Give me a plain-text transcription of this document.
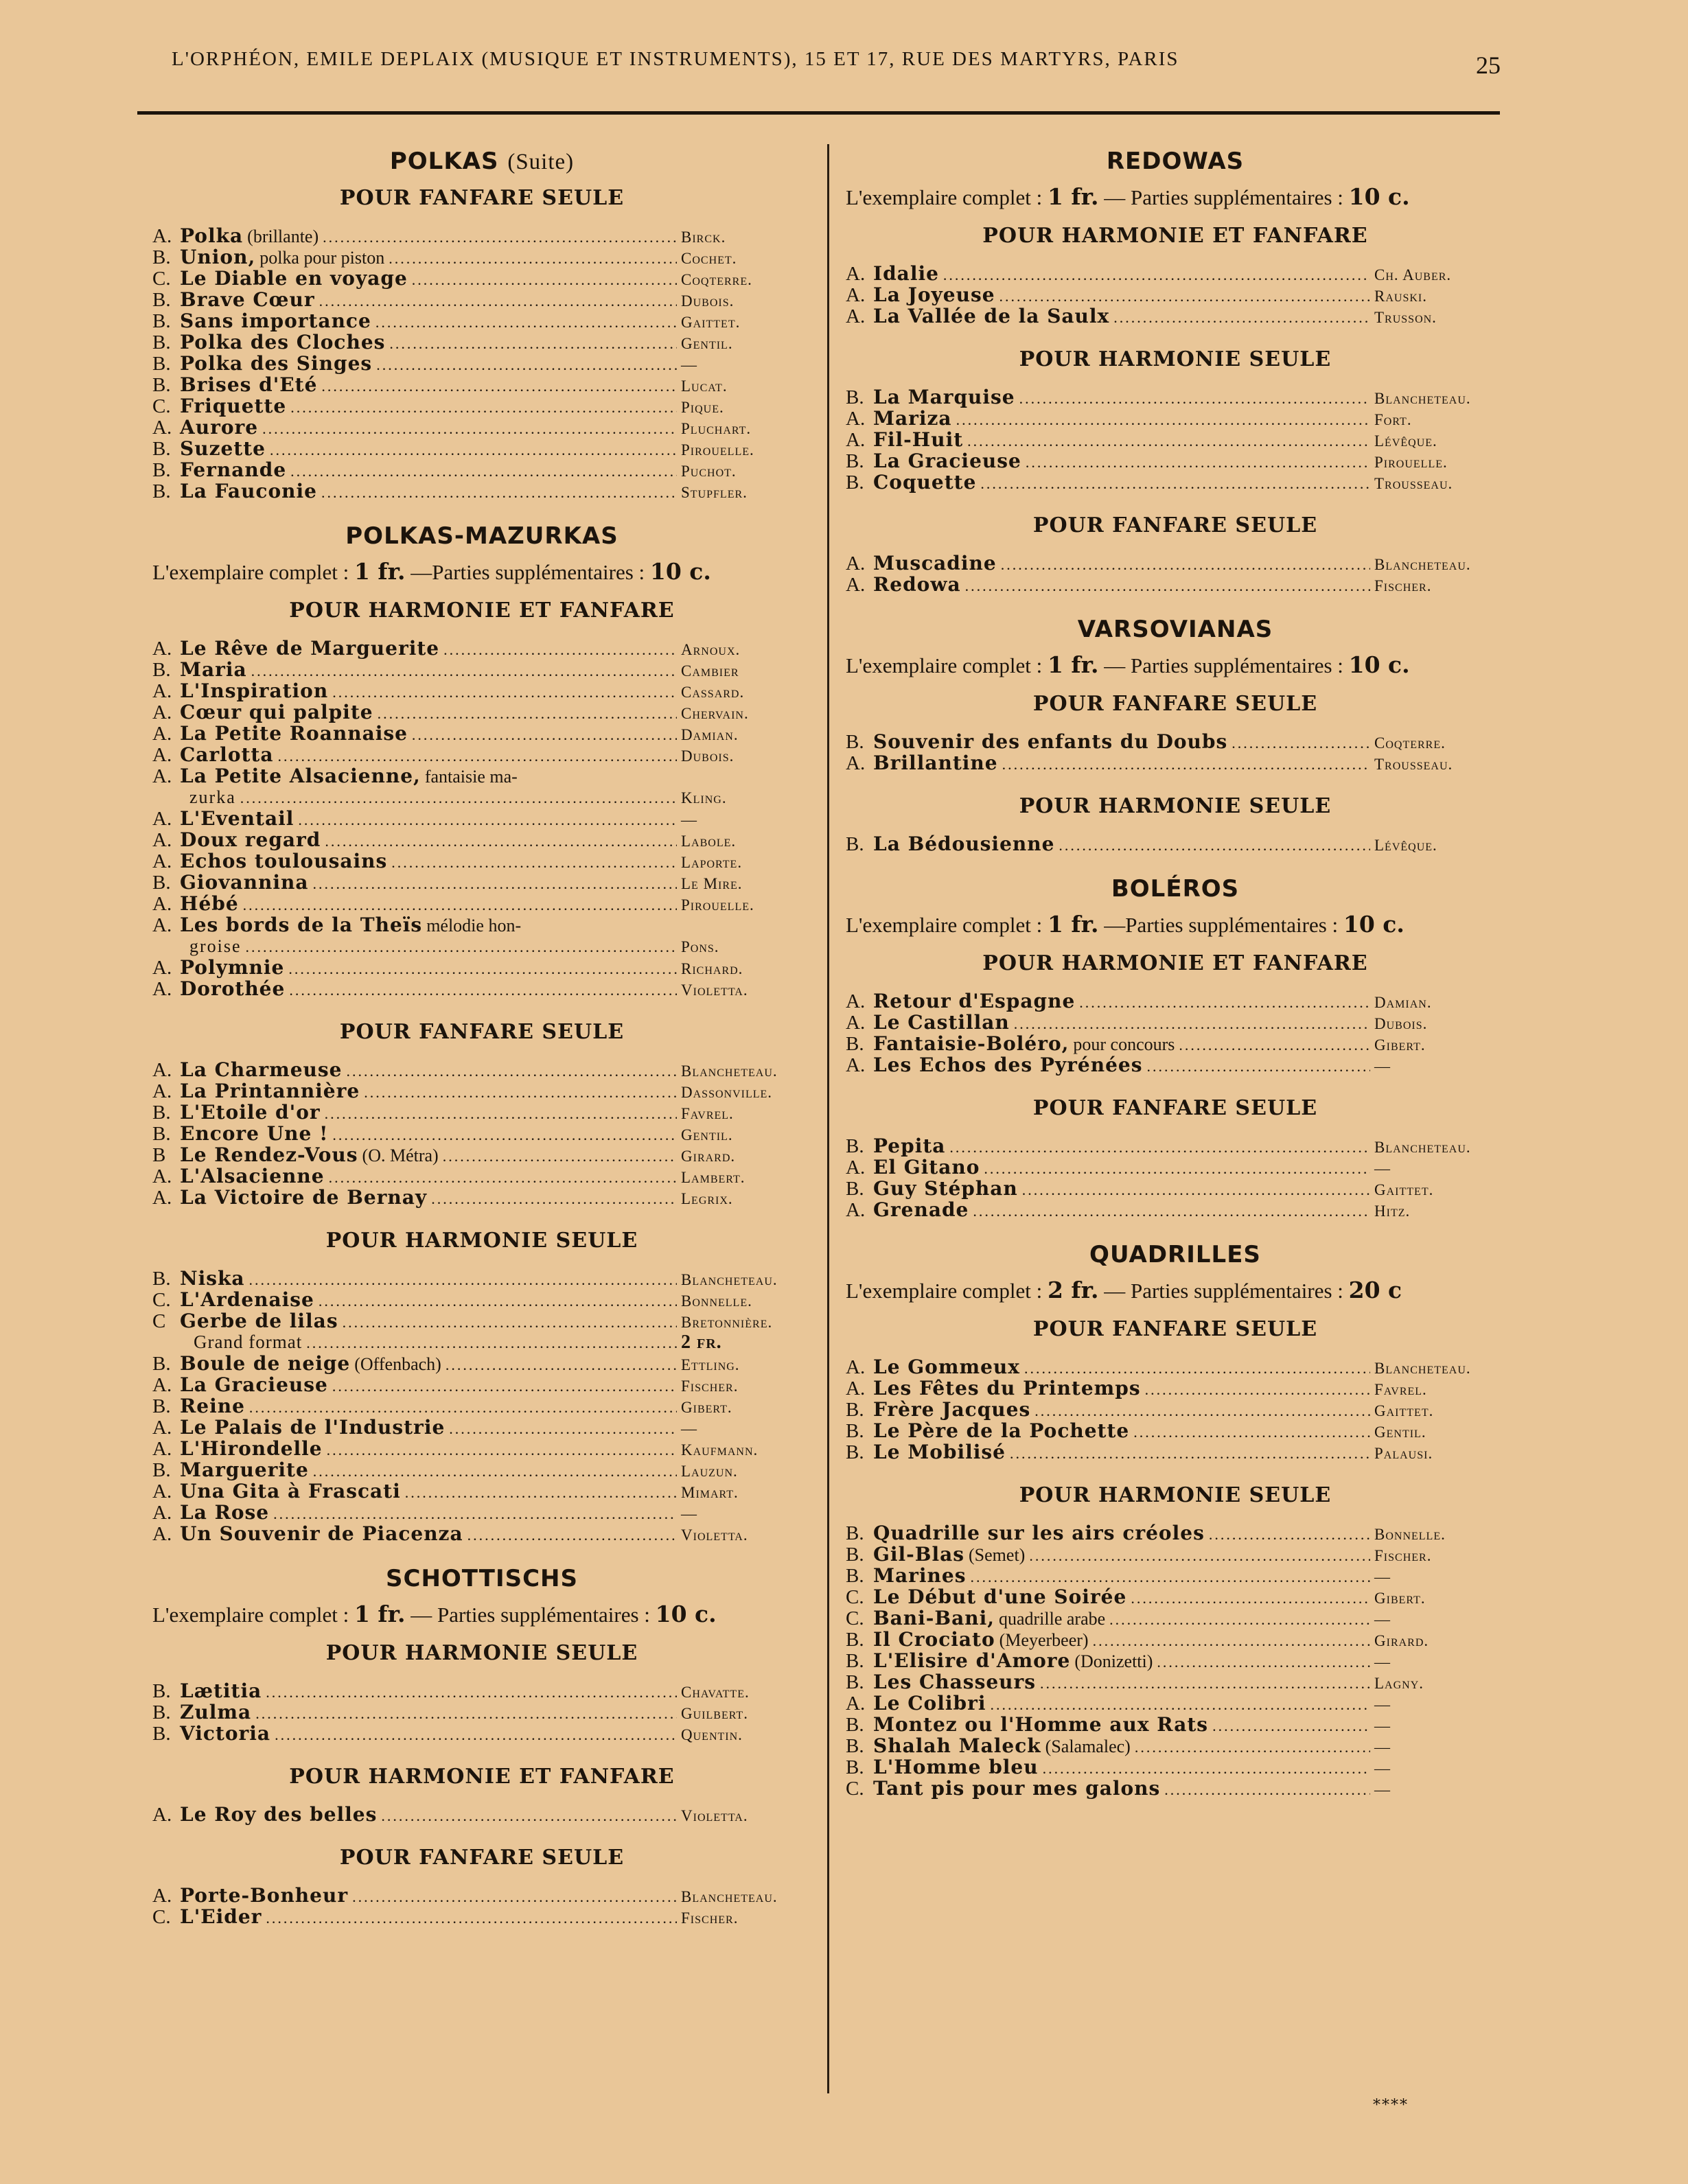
L'ORPHÉON, EMILE DEPLAIX (MUSIQUE ET INSTRUMENTS), 15 ET 17, RUE DES MARTYRS, PARIS	25
POLKAS (Suite)
POUR FANFARE SEULE
A. Polka (brillante) .....	Birck.
B. Union, polka pour piston .....	Cochet.
C. Le Diable en voyage .....	Coqterre.
B. Brave Cœur .....	Dubois.
B. Sans importance .....	Gaittet.
B. Polka des Cloches .....	Gentil.
B. Polka des Singes .....	—
B. Brises d'Eté .....	Lucat.
C. Friquette .....	Pique.
A. Aurore .....	Pluchart.
B. Suzette .....	Pirouelle.
B. Fernande .....	Puchot.
B. La Fauconie .....	Stupfler.
POLKAS-MAZURKAS
L'exemplaire complet : 1 fr. —Parties supplémentaires : 10 c.
POUR HARMONIE ET FANFARE
A. Le Rêve de Marguerite .....	Arnoux.
B. Maria .....	Cambier
A. L'Inspiration .....	Cassard.
A. Cœur qui palpite .....	Chervain.
A. La Petite Roannaise .....	Damian.
A. Carlotta .....	Dubois.
A. La Petite Alsacienne, fantaisie ma-
zurka .....	Kling.
A. L'Eventail .....	—
A. Doux regard .....	Labole.
A. Echos toulousains .....	Laporte.
B. Giovannina .....	Le Mire.
A. Hébé .....	Pirouelle.
A. Les bords de la Theïs mélodie hon-
groise .....	Pons.
A. Polymnie .....	Richard.
A. Dorothée .....	Violetta.
POUR FANFARE SEULE
A. La Charmeuse .....	Blancheteau.
A. La Printannière .....	Dassonville.
B. L'Etoile d'or .....	Favrel.
B. Encore Une ! .....	Gentil.
B Le Rendez-Vous (O. Métra) .....	Girard.
A. L'Alsacienne .....	Lambert.
A. La Victoire de Bernay .....	Legrix.
POUR HARMONIE SEULE
B. Niska .....	Blancheteau.
C. L'Ardenaise .....	Bonnelle.
C Gerbe de lilas .....	Bretonnière.
Grand format .....	2 fr.
B. Boule de neige (Offenbach) .....	Ettling.
A. La Gracieuse .....	Fischer.
B. Reine .....	Gibert.
A. Le Palais de l'Industrie .....	—
A. L'Hirondelle .....	Kaufmann.
B. Marguerite .....	Lauzun.
A. Una Gita à Frascati .....	Mimart.
A. La Rose .....	—
A. Un Souvenir de Piacenza .....	Violetta.
SCHOTTISCHS
L'exemplaire complet : 1 fr. — Parties supplémentaires : 10 c.
POUR HARMONIE SEULE
B. Lætitia .....	Chavatte.
B. Zulma .....	Guilbert.
B. Victoria .....	Quentin.
POUR HARMONIE ET FANFARE
A. Le Roy des belles .....	Violetta.
POUR FANFARE SEULE
A. Porte-Bonheur .....	Blancheteau.
C. L'Eider .....	Fischer.
REDOWAS
L'exemplaire complet : 1 fr. — Parties supplémentaires : 10 c.
POUR HARMONIE ET FANFARE
A. Idalie .....	Ch. Auber.
A. La Joyeuse .....	Rauski.
A. La Vallée de la Saulx .....	Trusson.
POUR HARMONIE SEULE
B. La Marquise .....	Blancheteau.
A. Mariza .....	Fort.
A. Fil-Huit .....	Lévêque.
B. La Gracieuse .....	Pirouelle.
B. Coquette .....	Trousseau.
POUR FANFARE SEULE
A. Muscadine .....	Blancheteau.
A. Redowa .....	Fischer.
VARSOVIANAS
L'exemplaire complet : 1 fr. — Parties supplémentaires : 10 c.
POUR FANFARE SEULE
B. Souvenir des enfants du Doubs .....	Coqterre.
A. Brillantine .....	Trousseau.
POUR HARMONIE SEULE
B. La Bédousienne .....	Lévêque.
BOLÉROS
L'exemplaire complet : 1 fr. —Parties supplémentaires : 10 c.
POUR HARMONIE ET FANFARE
A. Retour d'Espagne .....	Damian.
A. Le Castillan .....	Dubois.
B. Fantaisie-Boléro, pour concours .....	Gibert.
A. Les Echos des Pyrénées .....	—
POUR FANFARE SEULE
B. Pepita .....	Blancheteau.
A. El Gitano .....	—
B. Guy Stéphan .....	Gaittet.
A. Grenade .....	Hitz.
QUADRILLES
L'exemplaire complet : 2 fr. — Parties supplémentaires : 20 c
POUR FANFARE SEULE
A. Le Gommeux .....	Blancheteau.
A. Les Fêtes du Printemps .....	Favrel.
B. Frère Jacques .....	Gaittet.
B. Le Père de la Pochette .....	Gentil.
B. Le Mobilisé .....	Palausi.
POUR HARMONIE SEULE
B. Quadrille sur les airs créoles .....	Bonnelle.
B. Gil-Blas (Semet) .....	Fischer.
B. Marines .....	—
C. Le Début d'une Soirée .....	Gibert.
C. Bani-Bani, quadrille arabe .....	—
B. Il Crociato (Meyerbeer) .....	Girard.
B. L'Elisire d'Amore (Donizetti) .....	—
B. Les Chasseurs .....	Lagny.
A. Le Colibri .....	—
B. Montez ou l'Homme aux Rats .....	—
B. Shalah Maleck (Salamalec) .....	—
B. L'Homme bleu .....	—
C. Tant pis pour mes galons .....	—
****
